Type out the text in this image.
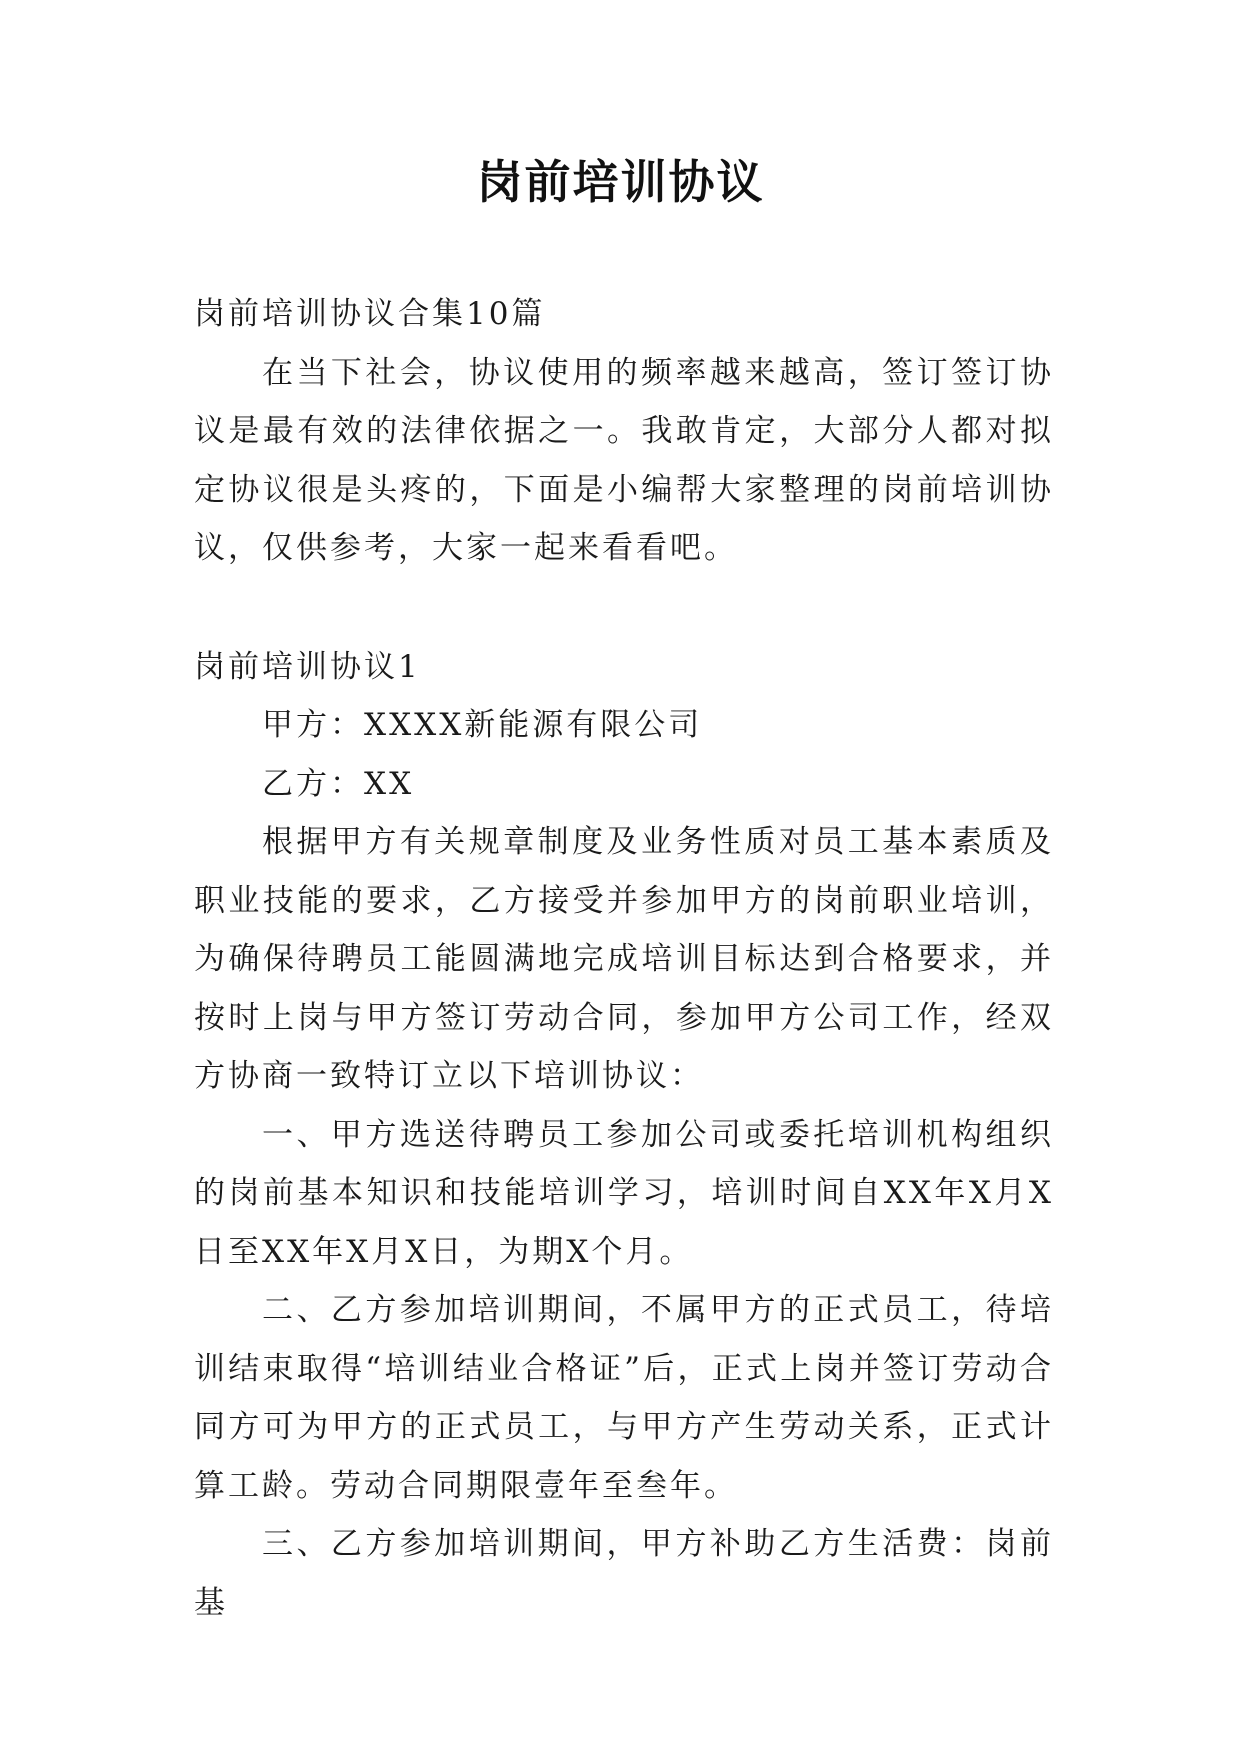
岗前培训协议

岗前培训协议合集10篇

在当下社会，协议使用的频率越来越高，签订签订协议是最有效的法律依据之一。我敢肯定，大部分人都对拟定协议很是头疼的，下面是小编帮大家整理的岗前培训协议，仅供参考，大家一起来看看吧。

岗前培训协议1

甲方：XXXX新能源有限公司

乙方：XX

根据甲方有关规章制度及业务性质对员工基本素质及职业技能的要求，乙方接受并参加甲方的岗前职业培训，为确保待聘员工能圆满地完成培训目标达到合格要求，并按时上岗与甲方签订劳动合同，参加甲方公司工作，经双方协商一致特订立以下培训协议：

一、甲方选送待聘员工参加公司或委托培训机构组织的岗前基本知识和技能培训学习，培训时间自XX年X月X日至XX年X月X日，为期X个月。

二、乙方参加培训期间，不属甲方的正式员工，待培训结束取得“培训结业合格证”后，正式上岗并签订劳动合同方可为甲方的正式员工，与甲方产生劳动关系，正式计算工龄。劳动合同期限壹年至叁年。

三、乙方参加培训期间，甲方补助乙方生活费：岗前基
